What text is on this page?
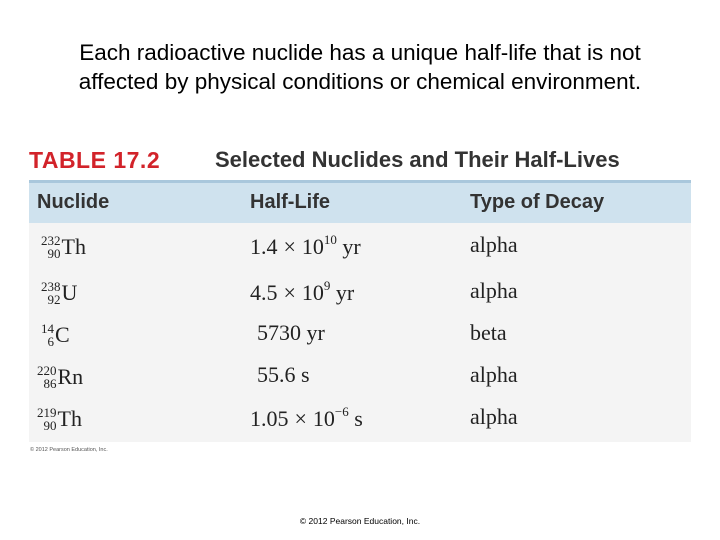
Each radioactive nuclide has a unique half-life that is not
affected by physical conditions or chemical environment.
TABLE 17.2 Selected Nuclides and Their Half-Lives
Nuclide	Half-Life	Type of Decay
232
90 Th	$1.4 \times 10^{10}$ yr	alpha
238
92 U	$4.5 \times 10^9$ yr	alpha
14
6 C	5730 yr	beta
220
86 Rn	55.6 s	alpha
219
90 Th	$1.05 \times 10^{-6}$ s	alpha
© 2012 Pearson Education, Inc.
© 2012 Pearson Education, Inc.
